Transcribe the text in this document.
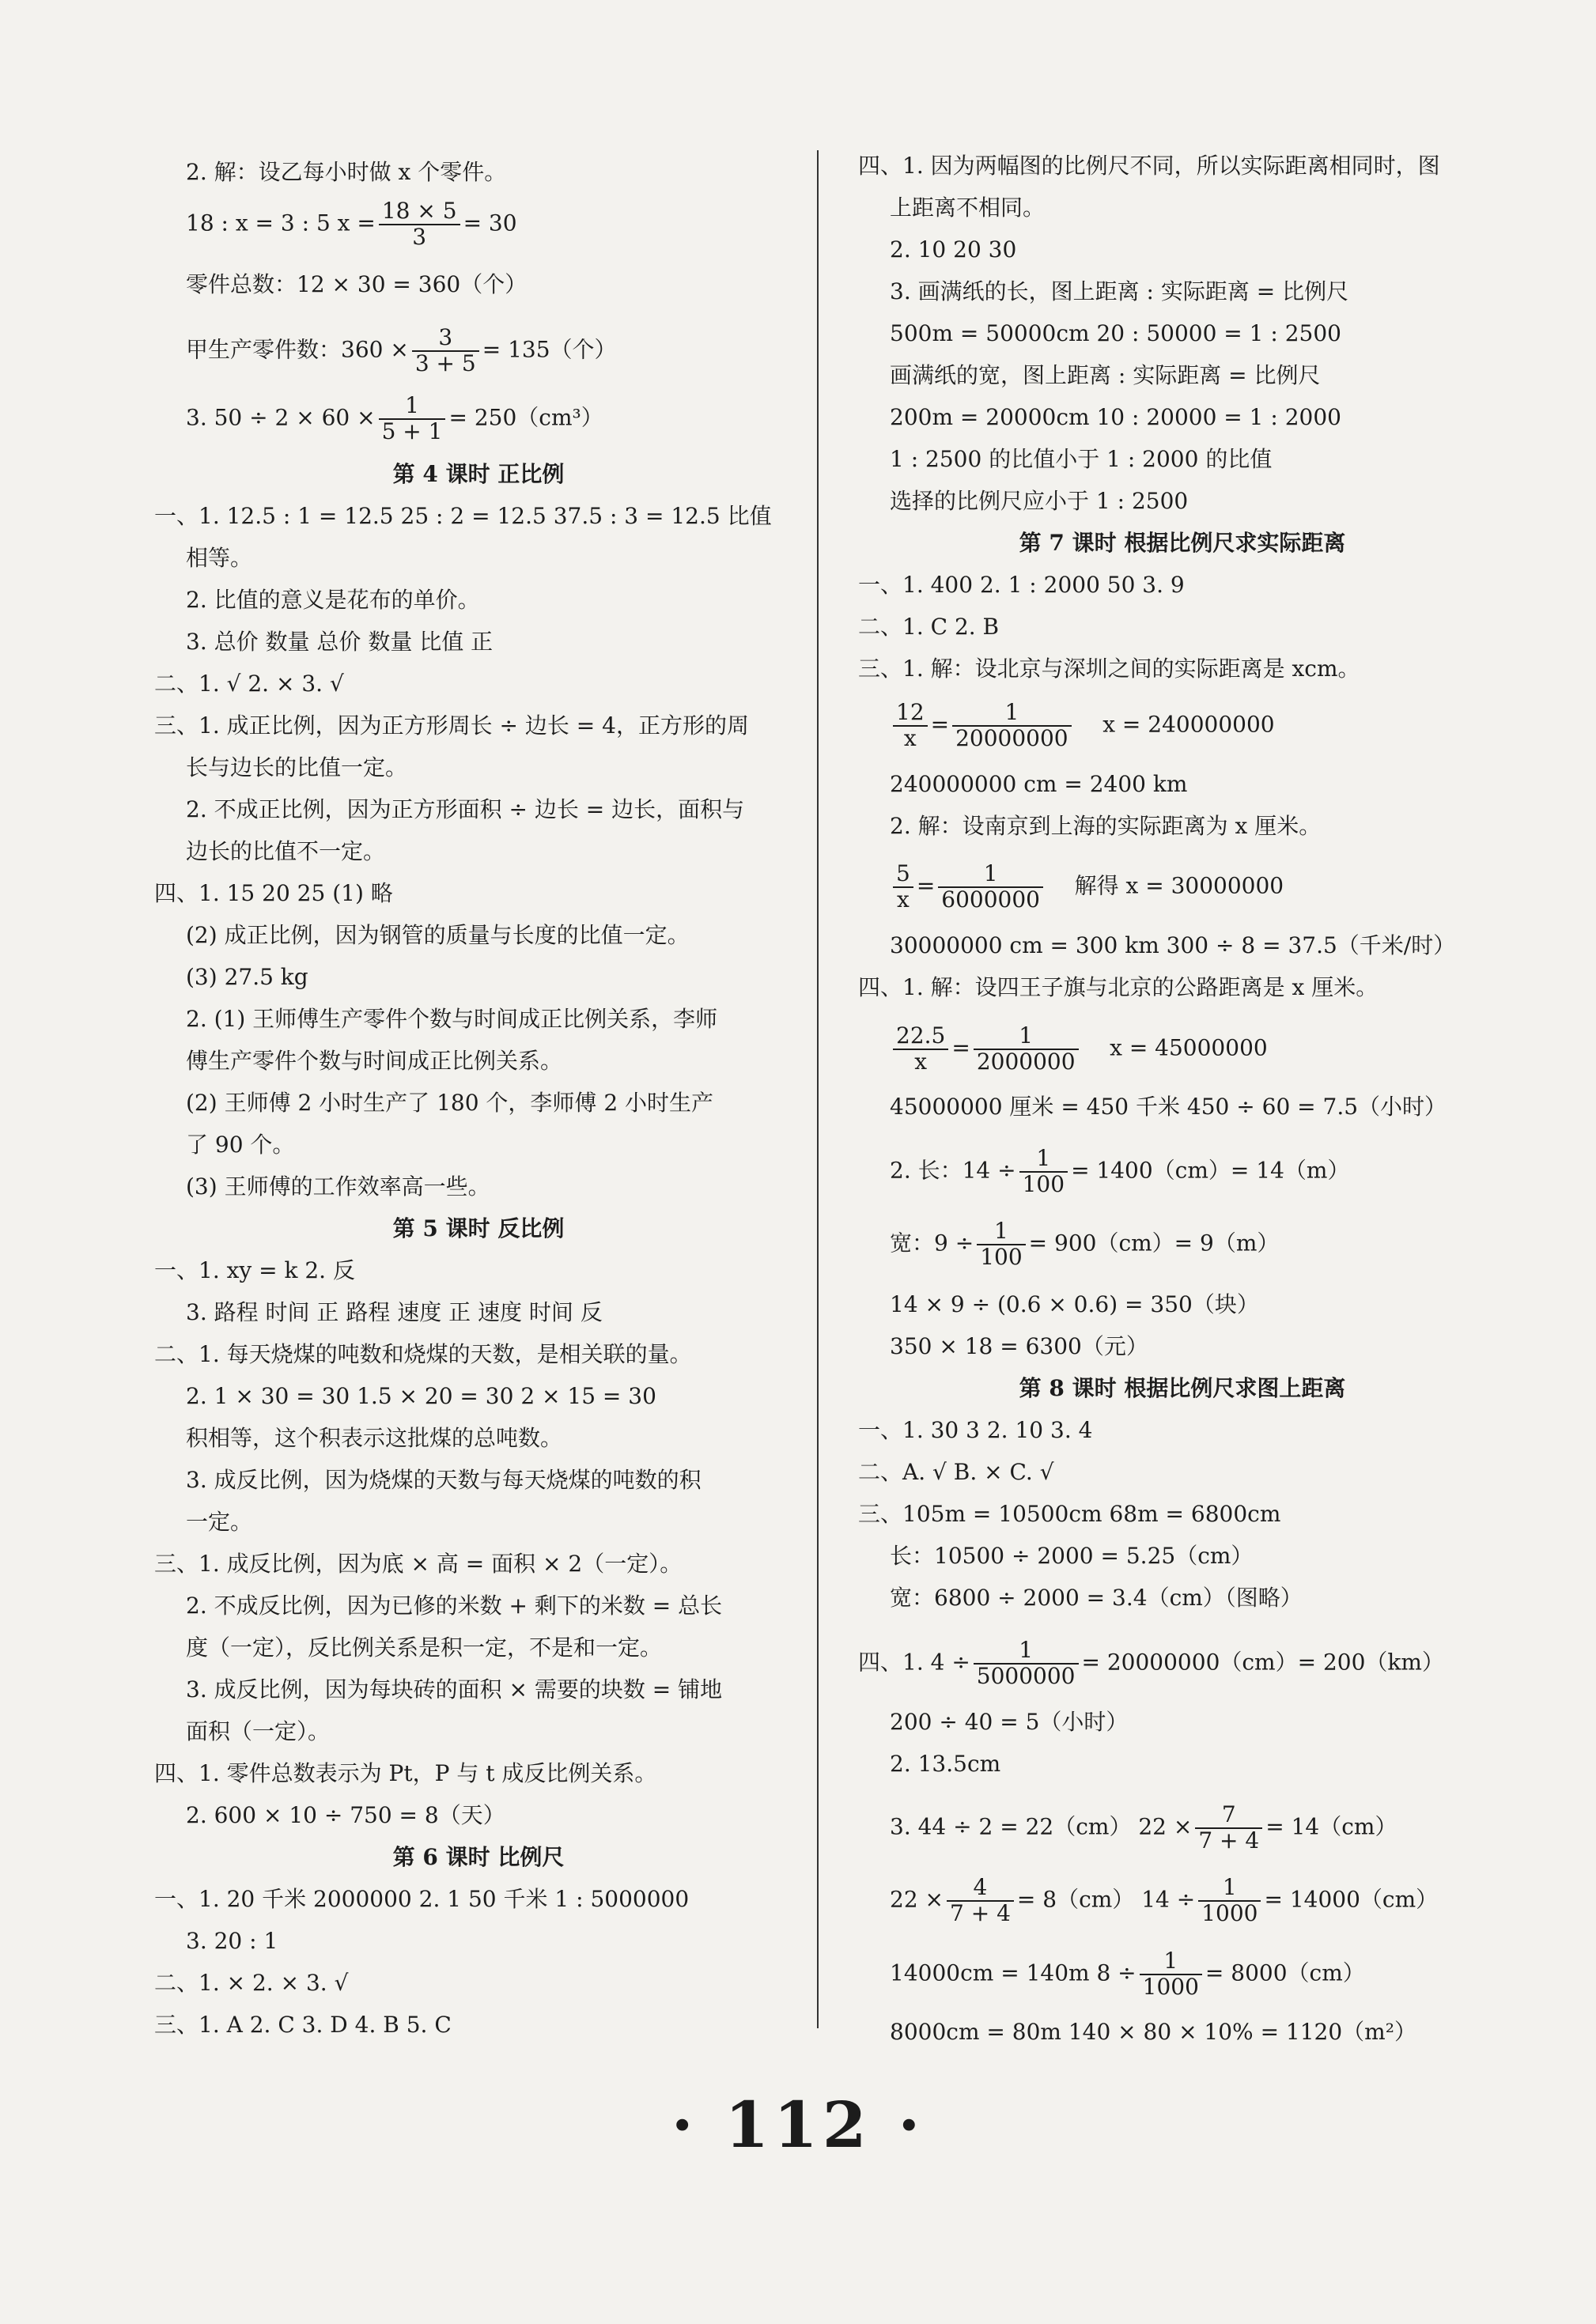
2. 解：设乙每小时做 x 个零件。
18 : x = 3 : 5 $x = \frac{18 \times 5}{3} = 30$
零件总数：12 × 30 = 360（个）
甲生产零件数：$360 \times \frac{3}{3 + 5} = 135$（个）
3. $50 \div 2 \times 60 \times \frac{1}{5 + 1} = 250(cm^3)$
第 4 课时 正比例
一、1. 12.5 : 1 = 12.5 25 : 2 = 12.5 37.5 : 3 = 12.5 比值
相等。
2. 比值的意义是花布的单价。
3. 总价 数量 总价 数量 比值 正
二、1. √ 2. × 3. √
三、1. 成正比例，因为正方形周长 ÷ 边长 = 4，正方形的周
长与边长的比值一定。
2. 不成正比例，因为正方形面积 ÷ 边长 = 边长，面积与
边长的比值不一定。
四、1. 15 20 25 (1) 略
(2) 成正比例，因为钢管的质量与长度的比值一定。
(3) 27.5 kg
2. (1) 王师傅生产零件个数与时间成正比例关系，李师
傅生产零件个数与时间成正比例关系。
(2) 王师傅 2 小时生产了 180 个，李师傅 2 小时生产
了 90 个。
(3) 王师傅的工作效率高一些。
第 5 课时 反比例
一、1. xy = k 2. 反
3. 路程 时间 正 路程 速度 正 速度 时间 反
二、1. 每天烧煤的吨数和烧煤的天数，是相关联的量。
2. 1 × 30 = 30 1.5 × 20 = 30 2 × 15 = 30
积相等，这个积表示这批煤的总吨数。
3. 成反比例，因为烧煤的天数与每天烧煤的吨数的积
一定。
三、1. 成反比例，因为底 × 高 = 面积 × 2（一定）。
2. 不成反比例，因为已修的米数 + 剩下的米数 = 总长
度（一定），反比例关系是积一定，不是和一定。
3. 成反比例，因为每块砖的面积 × 需要的块数 = 铺地
面积（一定）。
四、1. 零件总数表示为 Pt，P 与 t 成反比例关系。
2. 600 × 10 ÷ 750 = 8（天）
第 6 课时 比例尺
一、1. 20 千米 2000000 2. 1 50 千米 1 : 5000000
3. 20 : 1
二、1. × 2. × 3. √
三、1. A 2. C 3. D 4. B 5. C
四、1. 因为两幅图的比例尺不同，所以实际距离相同时，图
上距离不相同。
2. 10 20 30
3. 画满纸的长，图上距离 : 实际距离 = 比例尺
500m = 50000cm 20 : 50000 = 1 : 2500
画满纸的宽，图上距离 : 实际距离 = 比例尺
200m = 20000cm 10 : 20000 = 1 : 2000
1 : 2500 的比值小于 1 : 2000 的比值
选择的比例尺应小于 1 : 2500
第 7 课时 根据比例尺求实际距离
一、1. 400 2. 1 : 2000 50 3. 9
二、1. C 2. B
三、1. 解：设北京与深圳之间的实际距离是 xcm。
$\frac{12}{x} = \frac{1}{20000000}$ x = 240000000
240000000 cm = 2400 km
2. 解：设南京到上海的实际距离为 x 厘米。
$\frac{5}{x} = \frac{1}{6000000}$ 解得 x = 30000000
30000000 cm = 300 km 300 ÷ 8 = 37.5（千米/时）
四、1. 解：设四王子旗与北京的公路距离是 x 厘米。
$\frac{22.5}{x} = \frac{1}{2000000}$ x = 45000000
45000000 厘米 = 450 千米 450 ÷ 60 = 7.5（小时）
2. 长：$14 \div \frac{1}{100} = 1400(cm)= 14(m)$
宽：$9 \div \frac{1}{100} = 900(cm)= 9(m)$
14 × 9 ÷ (0.6 × 0.6) = 350（块）
350 × 18 = 6300（元）
第 8 课时 根据比例尺求图上距离
一、1. 30 3 2. 10 3. 4
二、A. √ B. × C. √
三、105m = 10500cm 68m = 6800cm
长：10500 ÷ 2000 = 5.25（cm）
宽：6800 ÷ 2000 = 3.4（cm）（图略）
四、1. $4 \div \frac{1}{5000000} = 20000000(cm)= 200(km)$
200 ÷ 40 = 5（小时）
2. 13.5cm
3. 44 ÷ 2 = 22（cm） $22 \times \frac{7}{7 + 4} = 14(cm)$
$22 \times \frac{4}{7 + 4} = 8(cm) 14 \div \frac{1}{1000} = 14000(cm)$
14000cm = 140m $8 \div \frac{1}{1000} = 8000(cm)$
8000cm = 80m 140 × 80 × 10% = 1120（m²）
· 112 ·
